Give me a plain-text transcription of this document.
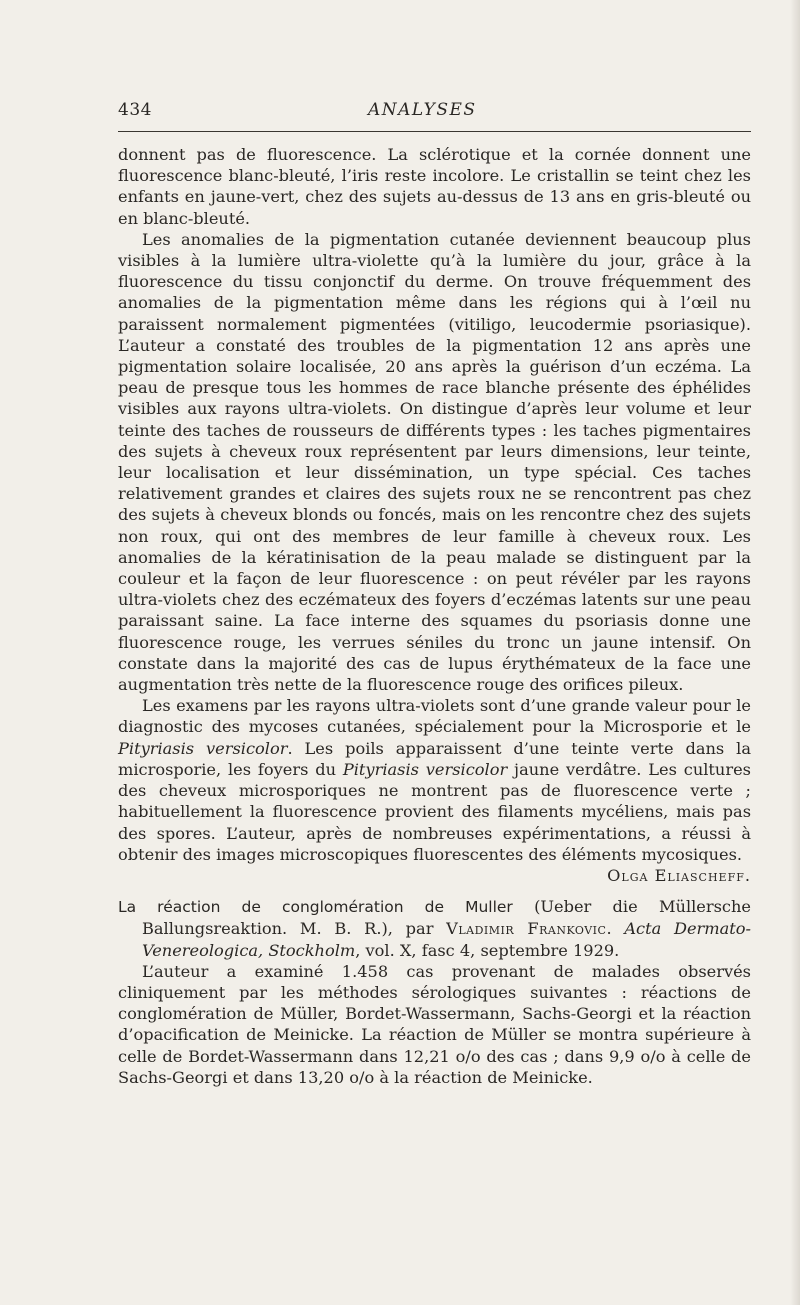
434	ANALYSES

donnent pas de fluorescence. La sclérotique et la cornée donnent une fluorescence blanc-bleuté, l’iris reste incolore. Le cristallin se teint chez les enfants en jaune-vert, chez des sujets au-dessus de 13 ans en gris-bleuté ou en blanc-bleuté.

Les anomalies de la pigmentation cutanée deviennent beaucoup plus visibles à la lumière ultra-violette qu’à la lumière du jour, grâce à la fluorescence du tissu conjonctif du derme. On trouve fréquemment des anomalies de la pigmentation même dans les régions qui à l’œil nu paraissent normalement pigmentées (vitiligo, leucodermie psoriasique). L’auteur a constaté des troubles de la pigmentation 12 ans après une pigmentation solaire localisée, 20 ans après la guérison d’un eczéma. La peau de presque tous les hommes de race blanche présente des éphélides visibles aux rayons ultra-violets. On distingue d’après leur volume et leur teinte des taches de rousseurs de différents types : les taches pigmentaires des sujets à cheveux roux représentent par leurs dimensions, leur teinte, leur localisation et leur dissémination, un type spécial. Ces taches relativement grandes et claires des sujets roux ne se rencontrent pas chez des sujets à cheveux blonds ou foncés, mais on les rencontre chez des sujets non roux, qui ont des membres de leur famille à cheveux roux. Les anomalies de la kératinisation de la peau malade se distinguent par la couleur et la façon de leur fluorescence : on peut révéler par les rayons ultra-violets chez des eczémateux des foyers d’eczémas latents sur une peau paraissant saine. La face interne des squames du psoriasis donne une fluorescence rouge, les verrues séniles du tronc un jaune intensif. On constate dans la majorité des cas de lupus érythémateux de la face une augmentation très nette de la fluorescence rouge des orifices pileux.

Les examens par les rayons ultra-violets sont d’une grande valeur pour le diagnostic des mycoses cutanées, spécialement pour la Microsporie et le Pityriasis versicolor. Les poils apparaissent d’une teinte verte dans la microsporie, les foyers du Pityriasis versicolor jaune verdâtre. Les cultures des cheveux microsporiques ne montrent pas de fluorescence verte ; habituellement la fluorescence provient des filaments mycéliens, mais pas des spores. L’auteur, après de nombreuses expérimentations, a réussi à obtenir des images microscopiques fluorescentes des éléments mycosiques.

Olga Eliascheff.

La réaction de conglomération de Muller (Ueber die Müllersche Ballungsreaktion. M. B. R.), par Vladimir Frankovic. Acta Dermato-Venereologica, Stockholm, vol. X, fasc 4, septembre 1929.

L’auteur a examiné 1.458 cas provenant de malades observés cliniquement par les méthodes sérologiques suivantes : réactions de conglomération de Müller, Bordet-Wassermann, Sachs-Georgi et la réaction d’opacification de Meinicke. La réaction de Müller se montra supérieure à celle de Bordet-Wassermann dans 12,21 o/o des cas ; dans 9,9 o/o à celle de Sachs-Georgi et dans 13,20 o/o à la réaction de Meinicke.
